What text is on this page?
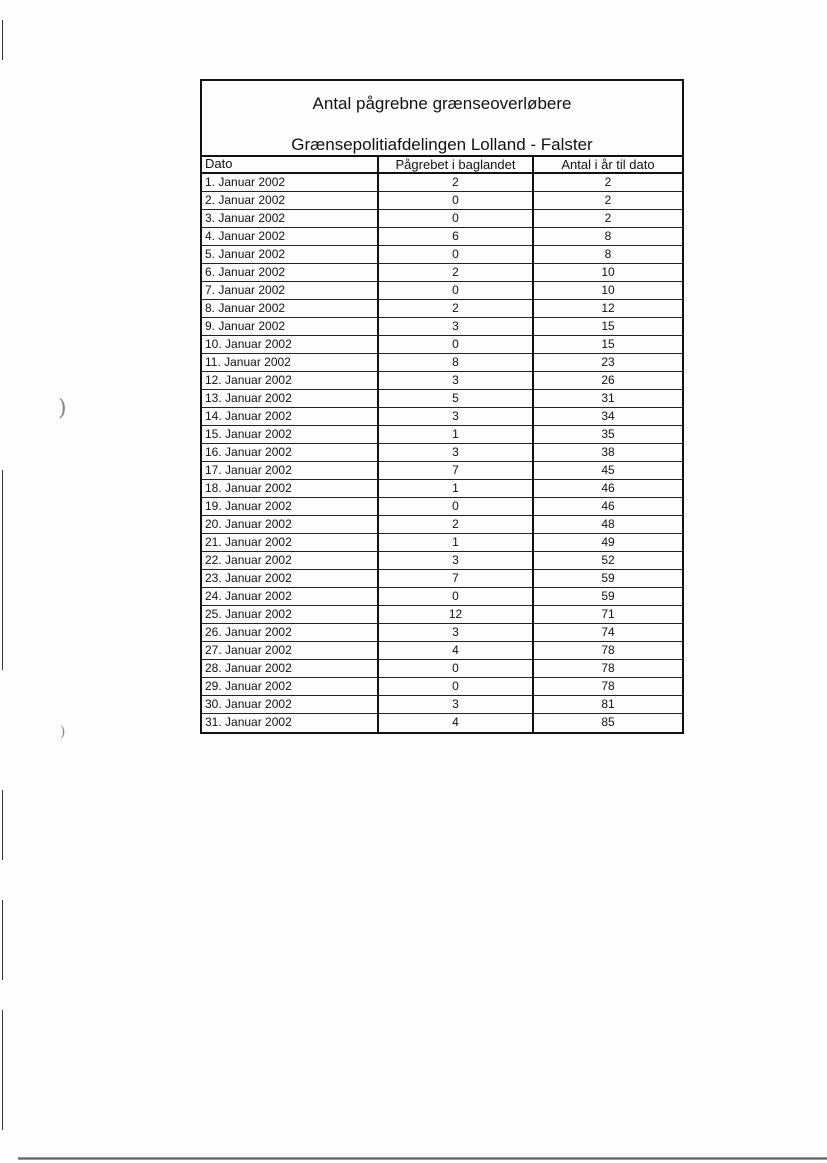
)
)
Antal pågrebne grænseoverløbere
Grænsepolitiafdelingen Lolland - Falster
Dato	Pågrebet i baglandet	Antal i år til dato
1. Januar 2002	2	2
2. Januar 2002	0	2
3. Januar 2002	0	2
4. Januar 2002	6	8
5. Januar 2002	0	8
6. Januar 2002	2	10
7. Januar 2002	0	10
8. Januar 2002	2	12
9. Januar 2002	3	15
10. Januar 2002	0	15
11. Januar 2002	8	23
12. Januar 2002	3	26
13. Januar 2002	5	31
14. Januar 2002	3	34
15. Januar 2002	1	35
16. Januar 2002	3	38
17. Januar 2002	7	45
18. Januar 2002	1	46
19. Januar 2002	0	46
20. Januar 2002	2	48
21. Januar 2002	1	49
22. Januar 2002	3	52
23. Januar 2002	7	59
24. Januar 2002	0	59
25. Januar 2002	12	71
26. Januar 2002	3	74
27. Januar 2002	4	78
28. Januar 2002	0	78
29. Januar 2002	0	78
30. Januar 2002	3	81
31. Januar 2002	4	85
